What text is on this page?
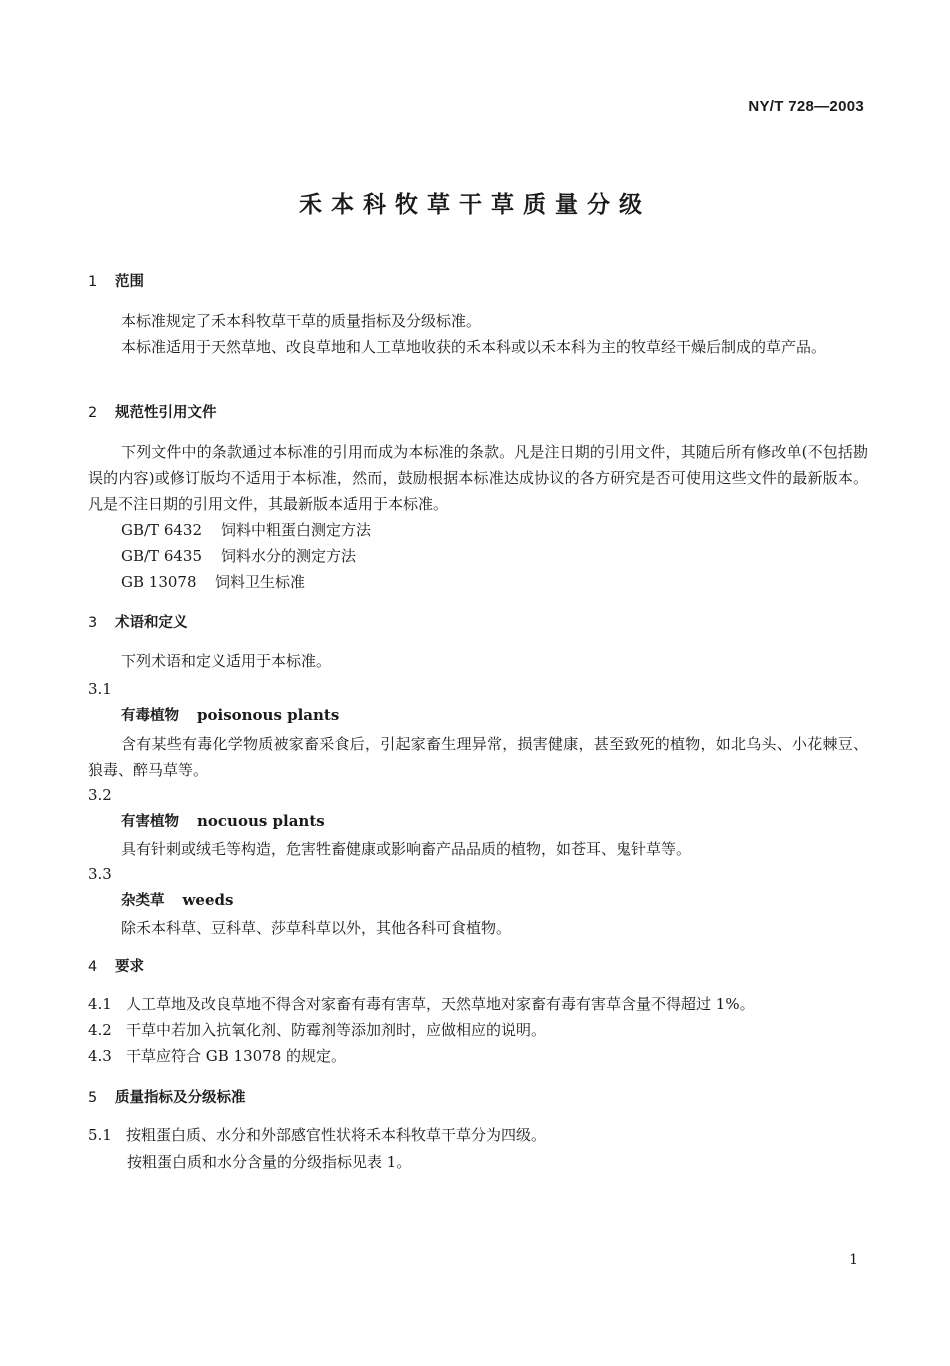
NY/T 728—2003
禾本科牧草干草质量分级
1 范围
本标准规定了禾本科牧草干草的质量指标及分级标准。
本标准适用于天然草地、改良草地和人工草地收获的禾本科或以禾本科为主的牧草经干燥后制成的草产品。
2 规范性引用文件
下列文件中的条款通过本标准的引用而成为本标准的条款。凡是注日期的引用文件，其随后所有修改单(不包括勘误的内容)或修订版均不适用于本标准，然而，鼓励根据本标准达成协议的各方研究是否可使用这些文件的最新版本。凡是不注日期的引用文件，其最新版本适用于本标准。
GB/T 6432 饲料中粗蛋白测定方法
GB/T 6435 饲料水分的测定方法
GB 13078 饲料卫生标准
3 术语和定义
下列术语和定义适用于本标准。
3.1
有毒植物 poisonous plants
含有某些有毒化学物质被家畜采食后，引起家畜生理异常，损害健康，甚至致死的植物，如北乌头、小花棘豆、狼毒、醉马草等。
3.2
有害植物 nocuous plants
具有针刺或绒毛等构造，危害牲畜健康或影响畜产品品质的植物，如苍耳、鬼针草等。
3.3
杂类草 weeds
除禾本科草、豆科草、莎草科草以外，其他各科可食植物。
4 要求
4.1 人工草地及改良草地不得含对家畜有毒有害草，天然草地对家畜有毒有害草含量不得超过 1%。
4.2 干草中若加入抗氧化剂、防霉剂等添加剂时，应做相应的说明。
4.3 干草应符合 GB 13078 的规定。
5 质量指标及分级标准
5.1 按粗蛋白质、水分和外部感官性状将禾本科牧草干草分为四级。
按粗蛋白质和水分含量的分级指标见表 1。
1
